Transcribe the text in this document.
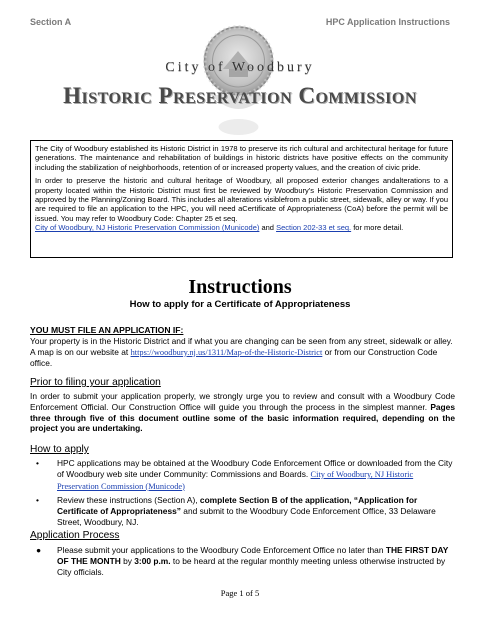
Section A	HPC Application Instructions
City of Woodbury
Historic Preservation Commission

The City of Woodbury established its Historic District in 1978 to preserve its rich cultural and architectural heritage for future generations. The maintenance and rehabilitation of buildings in historic districts have positive effects on the community including the stabilization of neighborhoods, retention of or increased property values, and the creation of civic pride.

In order to preserve the historic and cultural heritage of Woodbury, all proposed exterior changes andalterations to a property located within the Historic District must first be reviewed by Woodbury’s Historic Preservation Commission and approved by the Planning/Zoning Board. This includes all alterations visiblefrom a public street, sidewalk, alley or way. If you are required to file an application to the HPC, you will need aCertificate of Appropriateness (CoA) before the permit will be issued. You may refer to Woodbury Code: Chapter 25 et seq.
City of Woodbury, NJ Historic Preservation Commission (Municode) and Section 202-33 et seq. for more detail.

Instructions
How to apply for a Certificate of Appropriateness
YOU MUST FILE AN APPLICATION IF:
Your property is in the Historic District and if what you are changing can be seen from any street, sidewalk or alley. A map is on our website at https://woodbury.nj.us/1311/Map-of-the-Historic-District or from our Construction Code office.
Prior to filing your application
In order to submit your application properly, we strongly urge you to review and consult with a Woodbury Code Enforcement Official. Our Construction Office will guide you through the process in the simplest manner. Pages three through five of this document outline some of the basic information required, depending on the project you are undertaking.
How to apply
• HPC applications may be obtained at the Woodbury Code Enforcement Office or downloaded from the City of Woodbury web site under Community: Commissions and Boards. City of Woodbury, NJ Historic Preservation Commission (Municode)
• Review these instructions (Section A), complete Section B of the application, “Application for Certificate of Appropriateness” and submit to the Woodbury Code Enforcement Office, 33 Delaware Street, Woodbury, NJ.
Application Process
● Please submit your applications to the Woodbury Code Enforcement Office no later than THE FIRST DAY OF THE MONTH by 3:00 p.m. to be heard at the regular monthly meeting unless otherwise instructed by City officials.
Page 1 of 5
